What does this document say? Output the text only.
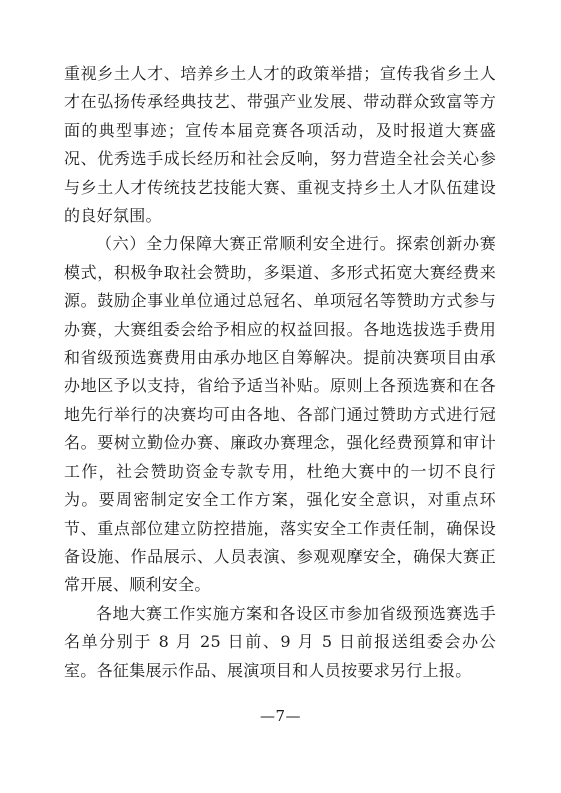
重视乡土人才、培养乡土人才的政策举措；宣传我省乡土人才在弘扬传承经典技艺、带强产业发展、带动群众致富等方面的典型事迹；宣传本届竞赛各项活动，及时报道大赛盛况、优秀选手成长经历和社会反响，努力营造全社会关心参与乡土人才传统技艺技能大赛、重视支持乡土人才队伍建设的良好氛围。

（六）全力保障大赛正常顺利安全进行。探索创新办赛模式，积极争取社会赞助，多渠道、多形式拓宽大赛经费来源。鼓励企事业单位通过总冠名、单项冠名等赞助方式参与办赛，大赛组委会给予相应的权益回报。各地选拔选手费用和省级预选赛费用由承办地区自筹解决。提前决赛项目由承办地区予以支持，省给予适当补贴。原则上各预选赛和在各地先行举行的决赛均可由各地、各部门通过赞助方式进行冠名。要树立勤俭办赛、廉政办赛理念，强化经费预算和审计工作，社会赞助资金专款专用，杜绝大赛中的一切不良行为。要周密制定安全工作方案，强化安全意识，对重点环节、重点部位建立防控措施，落实安全工作责任制，确保设备设施、作品展示、人员表演、参观观摩安全，确保大赛正常开展、顺利安全。

各地大赛工作实施方案和各设区市参加省级预选赛选手名单分别于 8 月 25 日前、9 月 5 日前报送组委会办公室。各征集展示作品、展演项目和人员按要求另行上报。

—7—
